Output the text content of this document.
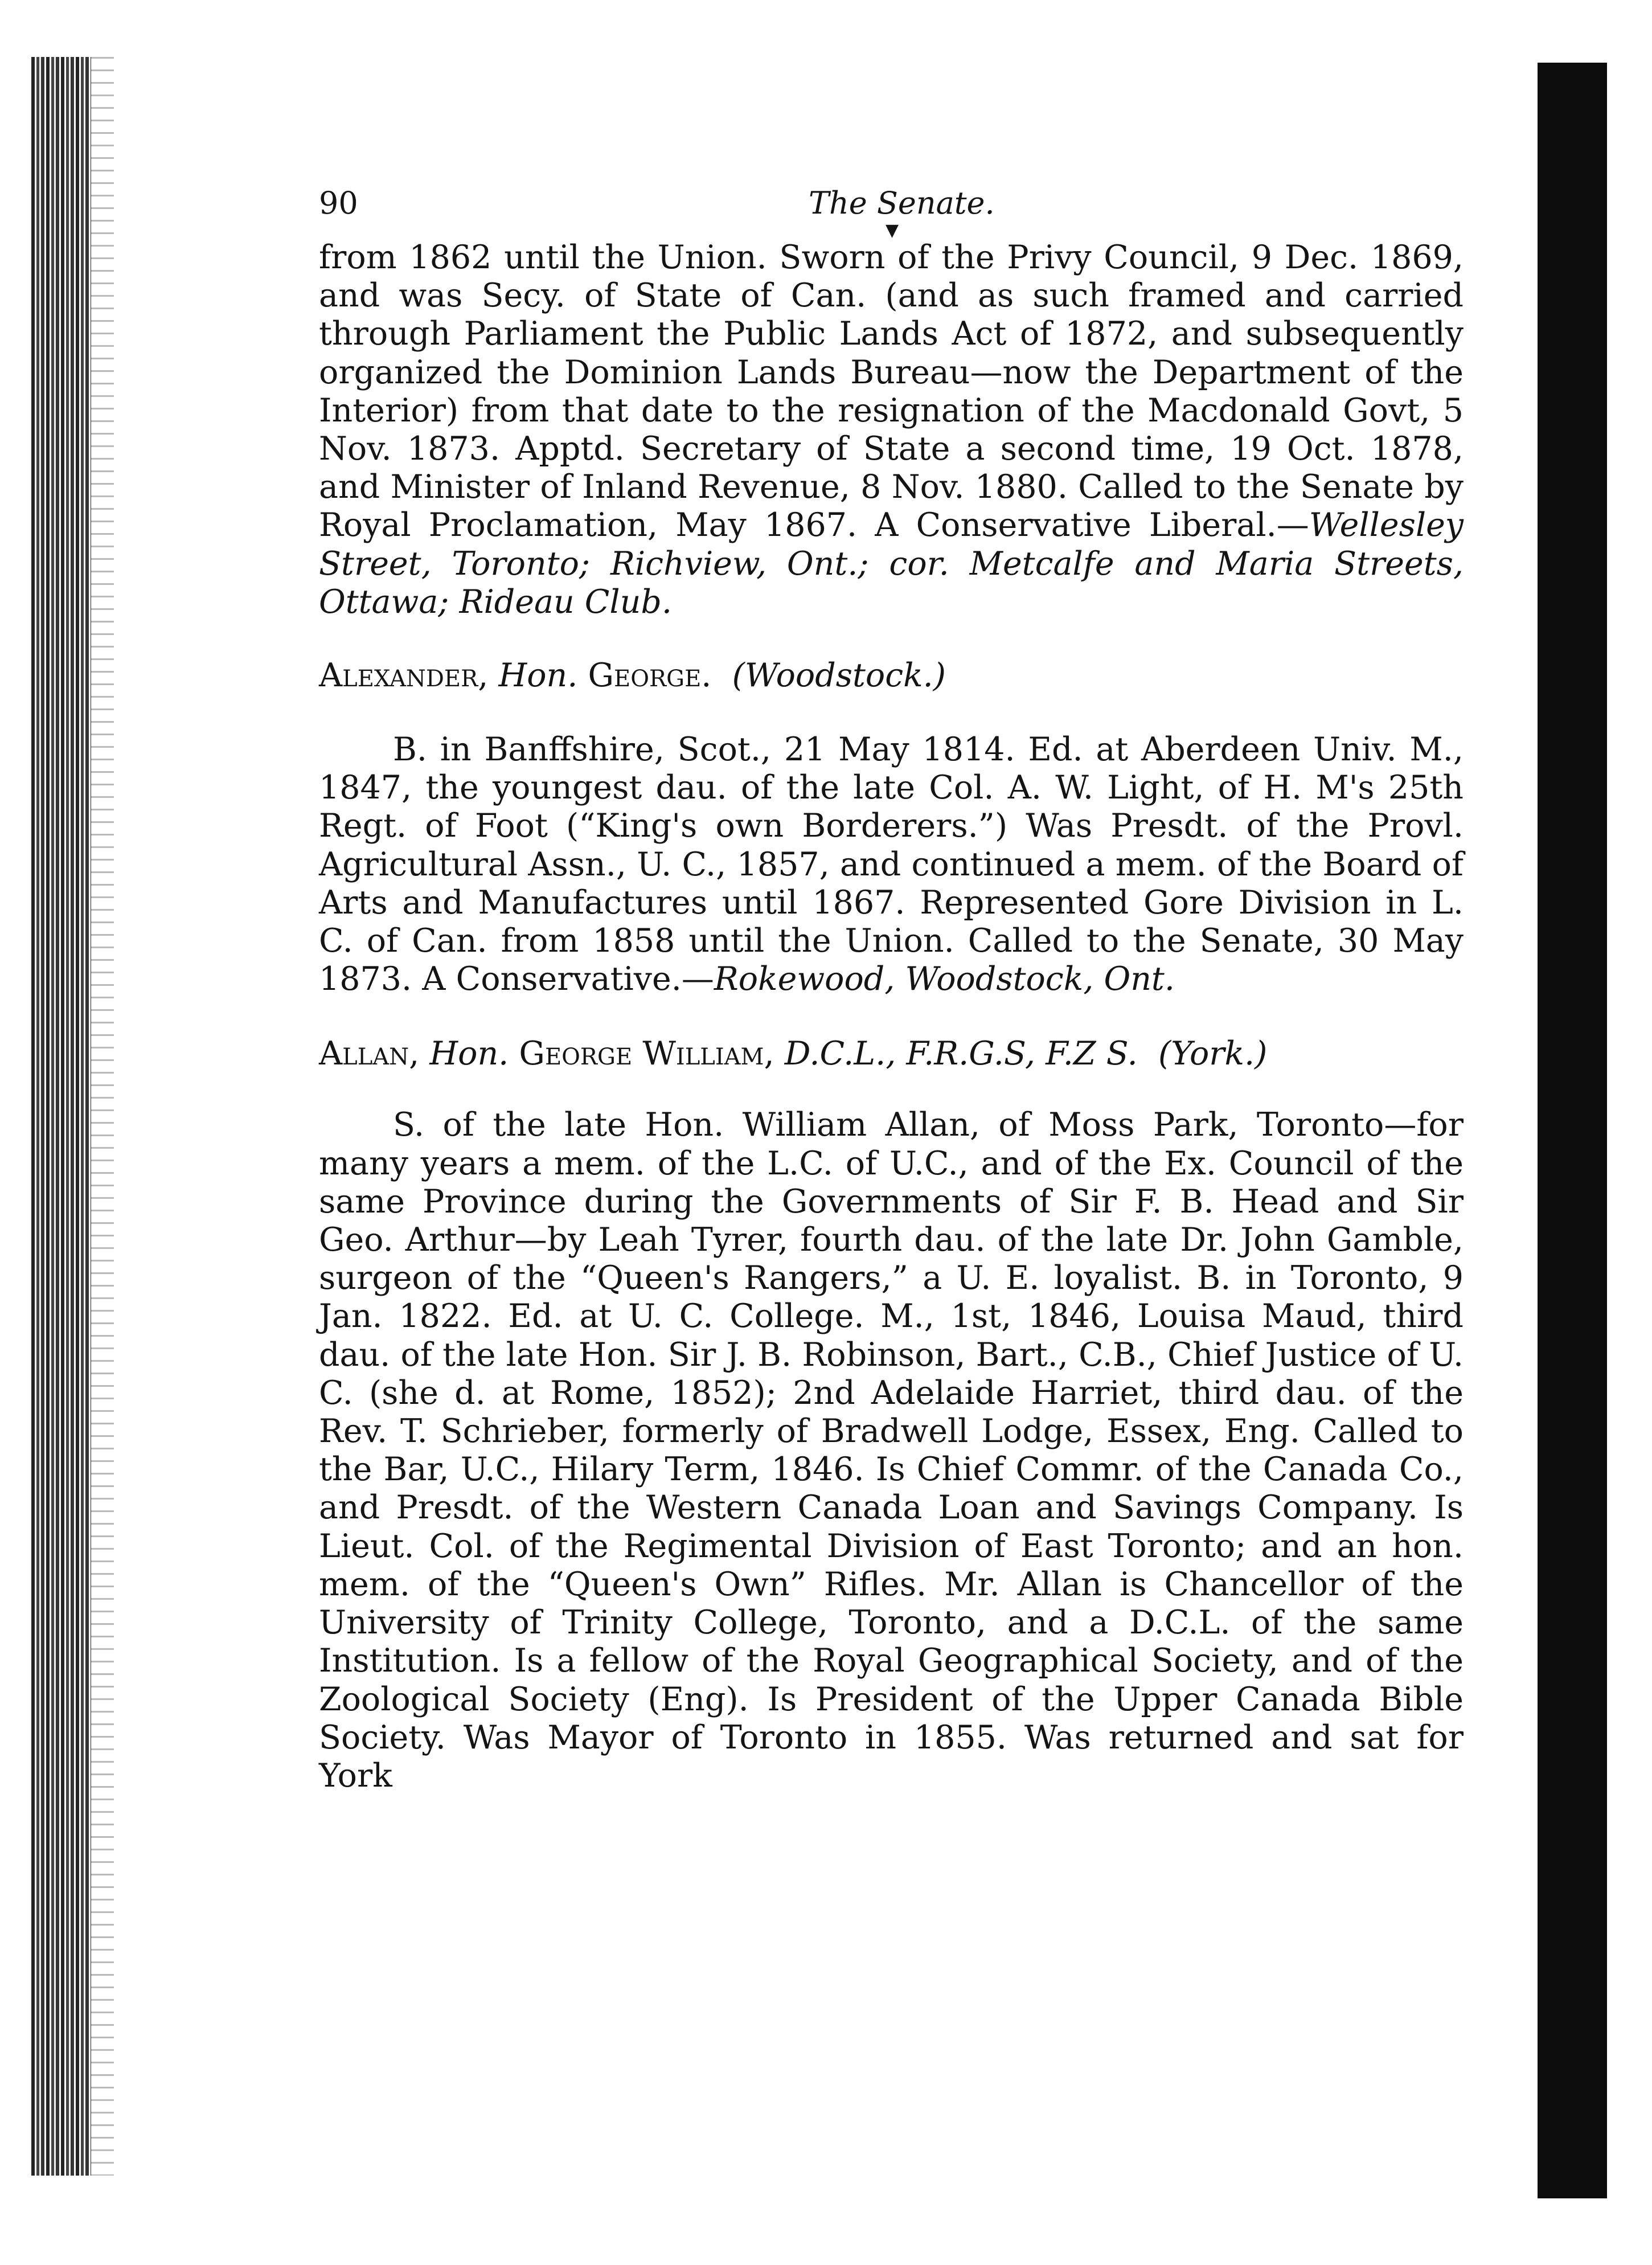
90	The Senate.
▼

from 1862 until the Union. Sworn of the Privy Council, 9 Dec. 1869, and was Secy. of State of Can. (and as such framed and carried through Parliament the Public Lands Act of 1872, and subsequently organized the Dominion Lands Bureau—now the Department of the Interior) from that date to the resignation of the Macdonald Govt, 5 Nov. 1873. Apptd. Secretary of State a second time, 19 Oct. 1878, and Minister of Inland Revenue, 8 Nov. 1880. Called to the Senate by Royal Proclamation, May 1867. A Conservative Liberal.—Wellesley Street, Toronto; Richview, Ont.; cor. Metcalfe and Maria Streets, Ottawa; Rideau Club.

Alexander, Hon. George. (Woodstock.)

B. in Banffshire, Scot., 21 May 1814. Ed. at Aberdeen Univ. M., 1847, the youngest dau. of the late Col. A. W. Light, of H. M's 25th Regt. of Foot (“King's own Borderers.”) Was Presdt. of the Provl. Agricultural Assn., U. C., 1857, and continued a mem. of the Board of Arts and Manufactures until 1867. Represented Gore Division in L. C. of Can. from 1858 until the Union. Called to the Senate, 30 May 1873. A Conservative.—Rokewood, Woodstock, Ont.

Allan, Hon. George William, D.C.L., F.R.G.S, F.Z S. (York.)

S. of the late Hon. William Allan, of Moss Park, Toronto—for many years a mem. of the L.C. of U.C., and of the Ex. Council of the same Province during the Governments of Sir F. B. Head and Sir Geo. Arthur—by Leah Tyrer, fourth dau. of the late Dr. John Gamble, surgeon of the “Queen's Rangers,” a U. E. loyalist. B. in Toronto, 9 Jan. 1822. Ed. at U. C. College. M., 1st, 1846, Louisa Maud, third dau. of the late Hon. Sir J. B. Robinson, Bart., C.B., Chief Justice of U. C. (she d. at Rome, 1852); 2nd Adelaide Harriet, third dau. of the Rev. T. Schrieber, formerly of Bradwell Lodge, Essex, Eng. Called to the Bar, U.C., Hilary Term, 1846. Is Chief Commr. of the Canada Co., and Presdt. of the Western Canada Loan and Savings Company. Is Lieut. Col. of the Regimental Division of East Toronto; and an hon. mem. of the “Queen's Own” Rifles. Mr. Allan is Chancellor of the University of Trinity College, Toronto, and a D.C.L. of the same Institution. Is a fellow of the Royal Geographical Society, and of the Zoological Society (Eng). Is President of the Upper Canada Bible Society. Was Mayor of Toronto in 1855. Was returned and sat for York
